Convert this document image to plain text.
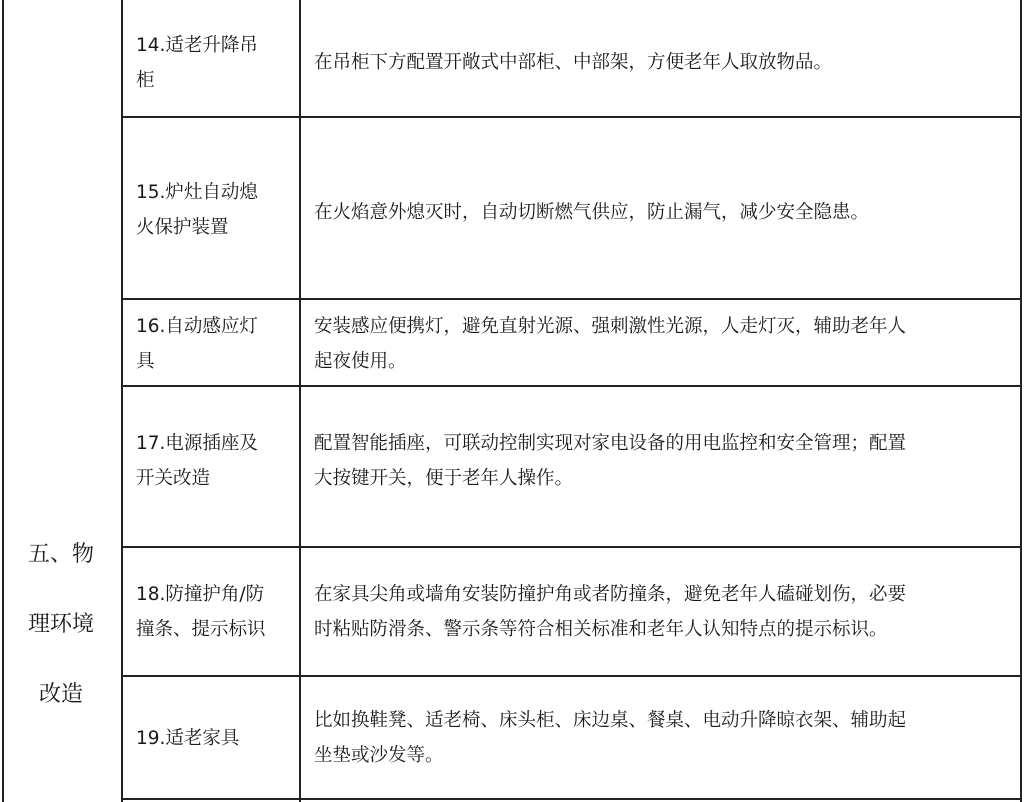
五、物
理环境
改造
14.适老升降吊
柜
在吊柜下方配置开敞式中部柜、中部架，方便老年人取放物品。
15.炉灶自动熄
火保护装置
在火焰意外熄灭时，自动切断燃气供应，防止漏气，减少安全隐患。
16.自动感应灯
具
安装感应便携灯，避免直射光源、强刺激性光源，人走灯灭，辅助老年人
起夜使用。
17.电源插座及
开关改造
配置智能插座，可联动控制实现对家电设备的用电监控和安全管理；配置
大按键开关，便于老年人操作。
18.防撞护角/防
撞条、提示标识
在家具尖角或墙角安装防撞护角或者防撞条，避免老年人磕碰划伤，必要
时粘贴防滑条、警示条等符合相关标准和老年人认知特点的提示标识。
19.适老家具
比如换鞋凳、适老椅、床头柜、床边桌、餐桌、电动升降晾衣架、辅助起
坐垫或沙发等。
